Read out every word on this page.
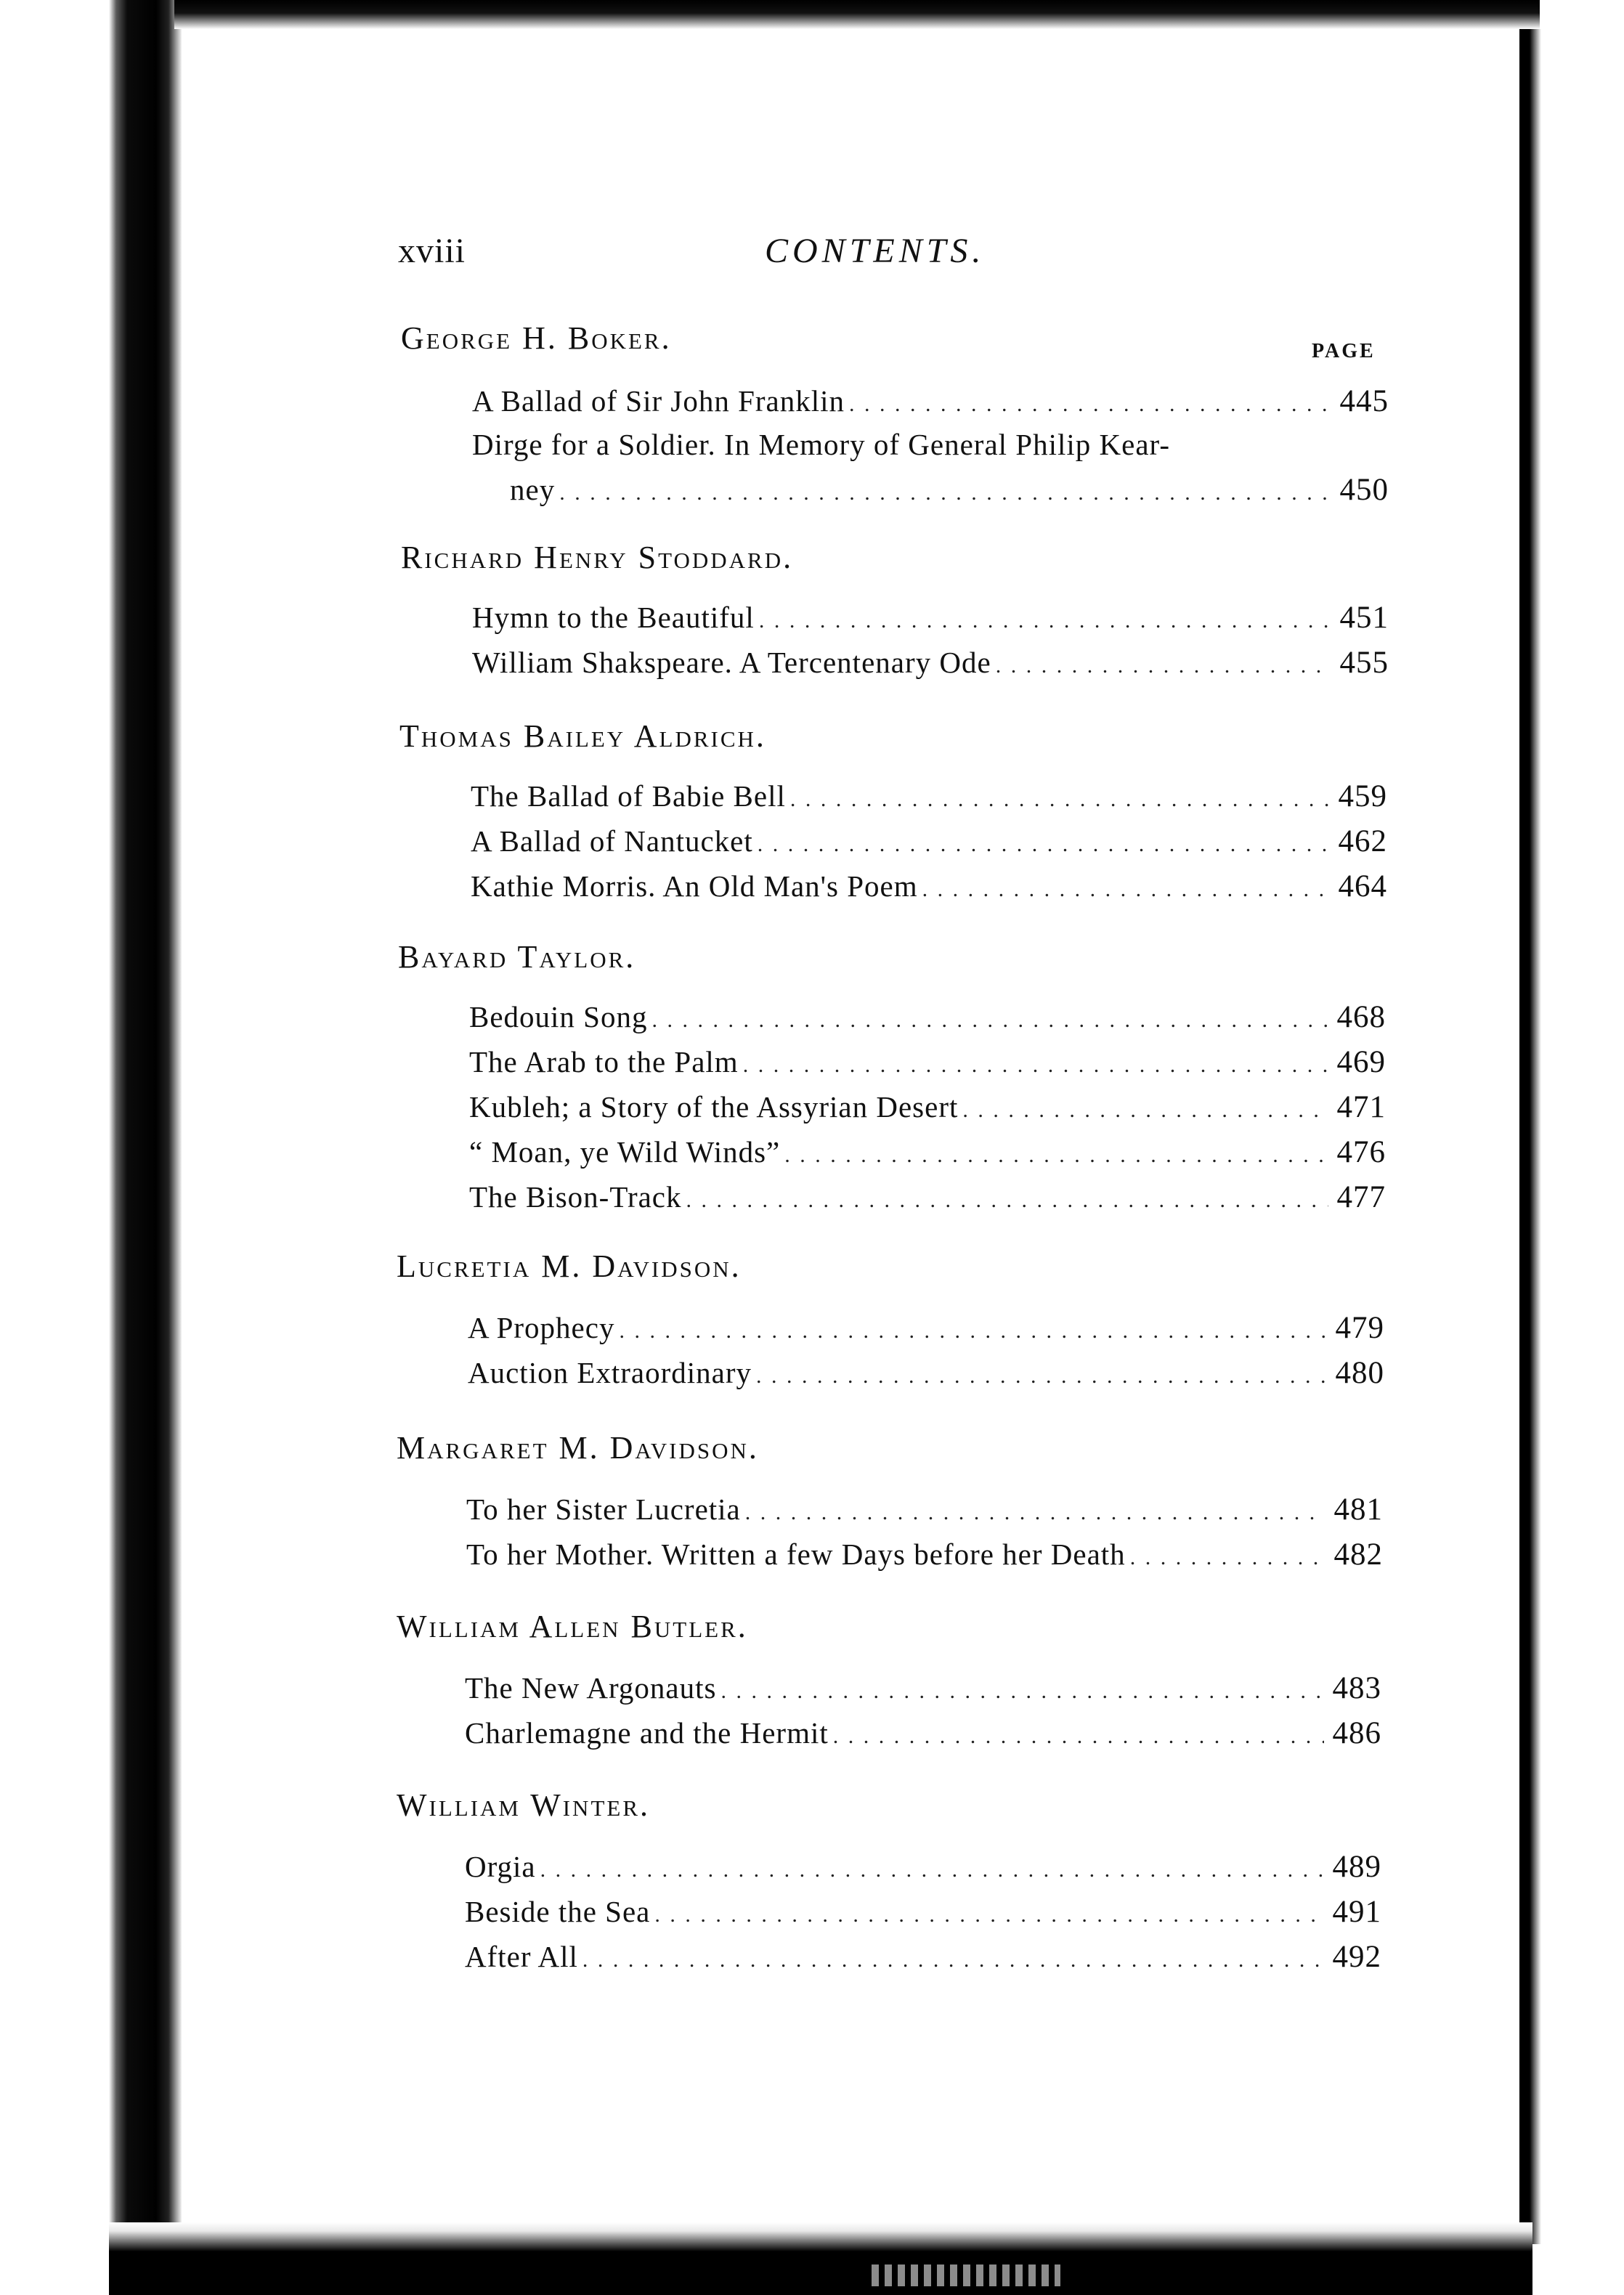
xviii	CONTENTS.
PAGE
George H. Boker.
A Ballad of Sir John Franklin . . .	445
Dirge for a Soldier. In Memory of General Philip Kear-
ney . . .	450
Richard Henry Stoddard.
Hymn to the Beautiful . . .	451
William Shakspeare. A Tercentenary Ode . . .	455
Thomas Bailey Aldrich.
The Ballad of Babie Bell . . .	459
A Ballad of Nantucket . . .	462
Kathie Morris. An Old Man's Poem . . .	464
Bayard Taylor.
Bedouin Song . . .	468
The Arab to the Palm . . .	469
Kubleh; a Story of the Assyrian Desert . . .	471
“ Moan, ye Wild Winds” . . .	476
The Bison-Track . . .	477
Lucretia M. Davidson.
A Prophecy . . .	479
Auction Extraordinary . . .	480
Margaret M. Davidson.
To her Sister Lucretia . . .	481
To her Mother. Written a few Days before her Death . . .	482
William Allen Butler.
The New Argonauts . . .	483
Charlemagne and the Hermit . . .	486
William Winter.
Orgia . . .	489
Beside the Sea . . .	491
After All . . .	492
